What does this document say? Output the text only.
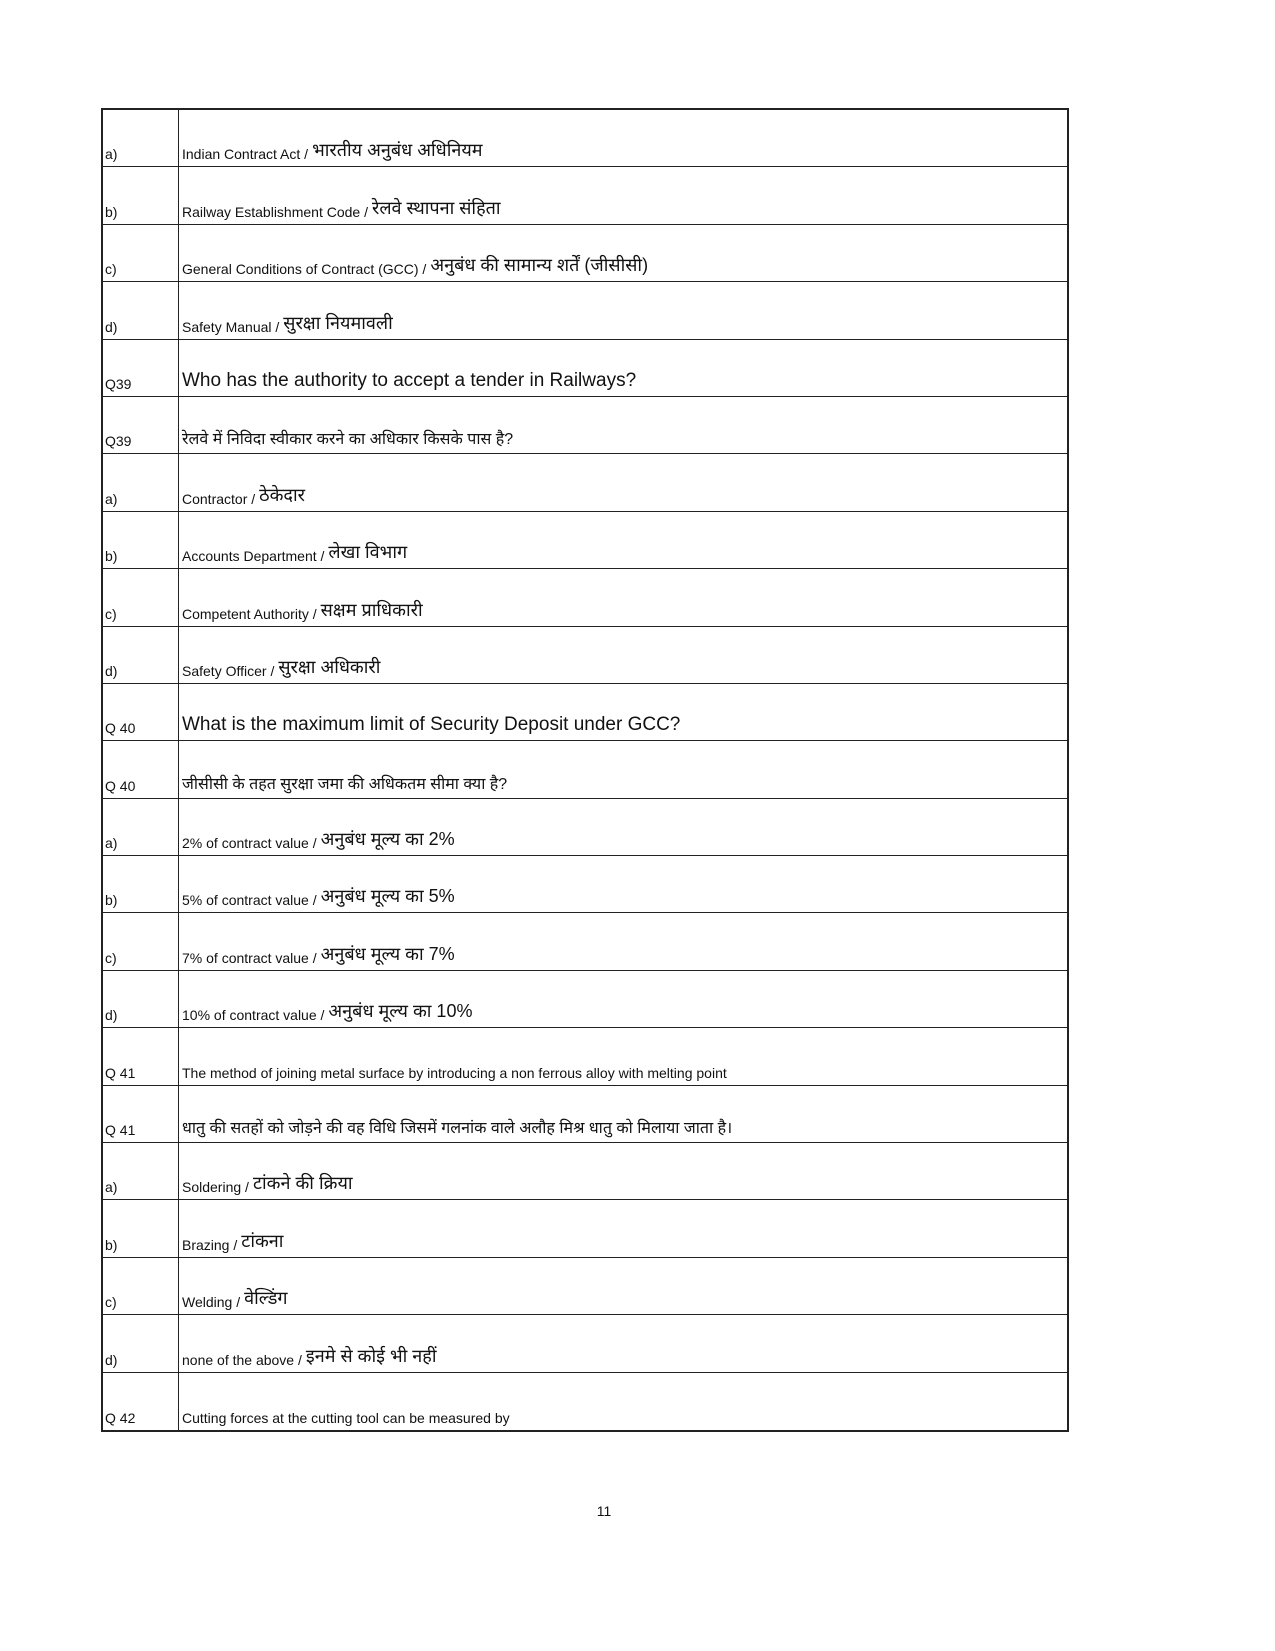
a)	Indian Contract Act / भारतीय अनुबंध अधिनियम
b)	Railway Establishment Code / रेलवे स्थापना संहिता
c)	General Conditions of Contract (GCC) / अनुबंध की सामान्य शर्तें (जीसीसी)
d)	Safety Manual / सुरक्षा नियमावली
Q39	Who has the authority to accept a tender in Railways?
Q39	रेलवे में निविदा स्वीकार करने का अधिकार किसके पास है?
a)	Contractor / ठेकेदार
b)	Accounts Department / लेखा विभाग
c)	Competent Authority / सक्षम प्राधिकारी
d)	Safety Officer / सुरक्षा अधिकारी
Q 40	What is the maximum limit of Security Deposit under GCC?
Q 40	जीसीसी के तहत सुरक्षा जमा की अधिकतम सीमा क्या है?
a)	2% of contract value / अनुबंध मूल्य का 2%
b)	5% of contract value / अनुबंध मूल्य का 5%
c)	7% of contract value / अनुबंध मूल्य का 7%
d)	10% of contract value / अनुबंध मूल्य का 10%
Q 41	The method of joining metal surface by introducing a non ferrous alloy with melting point
Q 41	धातु की सतहों को जोड़ने की वह विधि जिसमें गलनांक वाले अलौह मिश्र धातु को मिलाया जाता है।
a)	Soldering / टांकने की क्रिया
b)	Brazing / टांकना
c)	Welding / वेल्डिंग
d)	none of the above / इनमे से कोई भी नहीं
Q 42	Cutting forces at the cutting tool can be measured by
11
